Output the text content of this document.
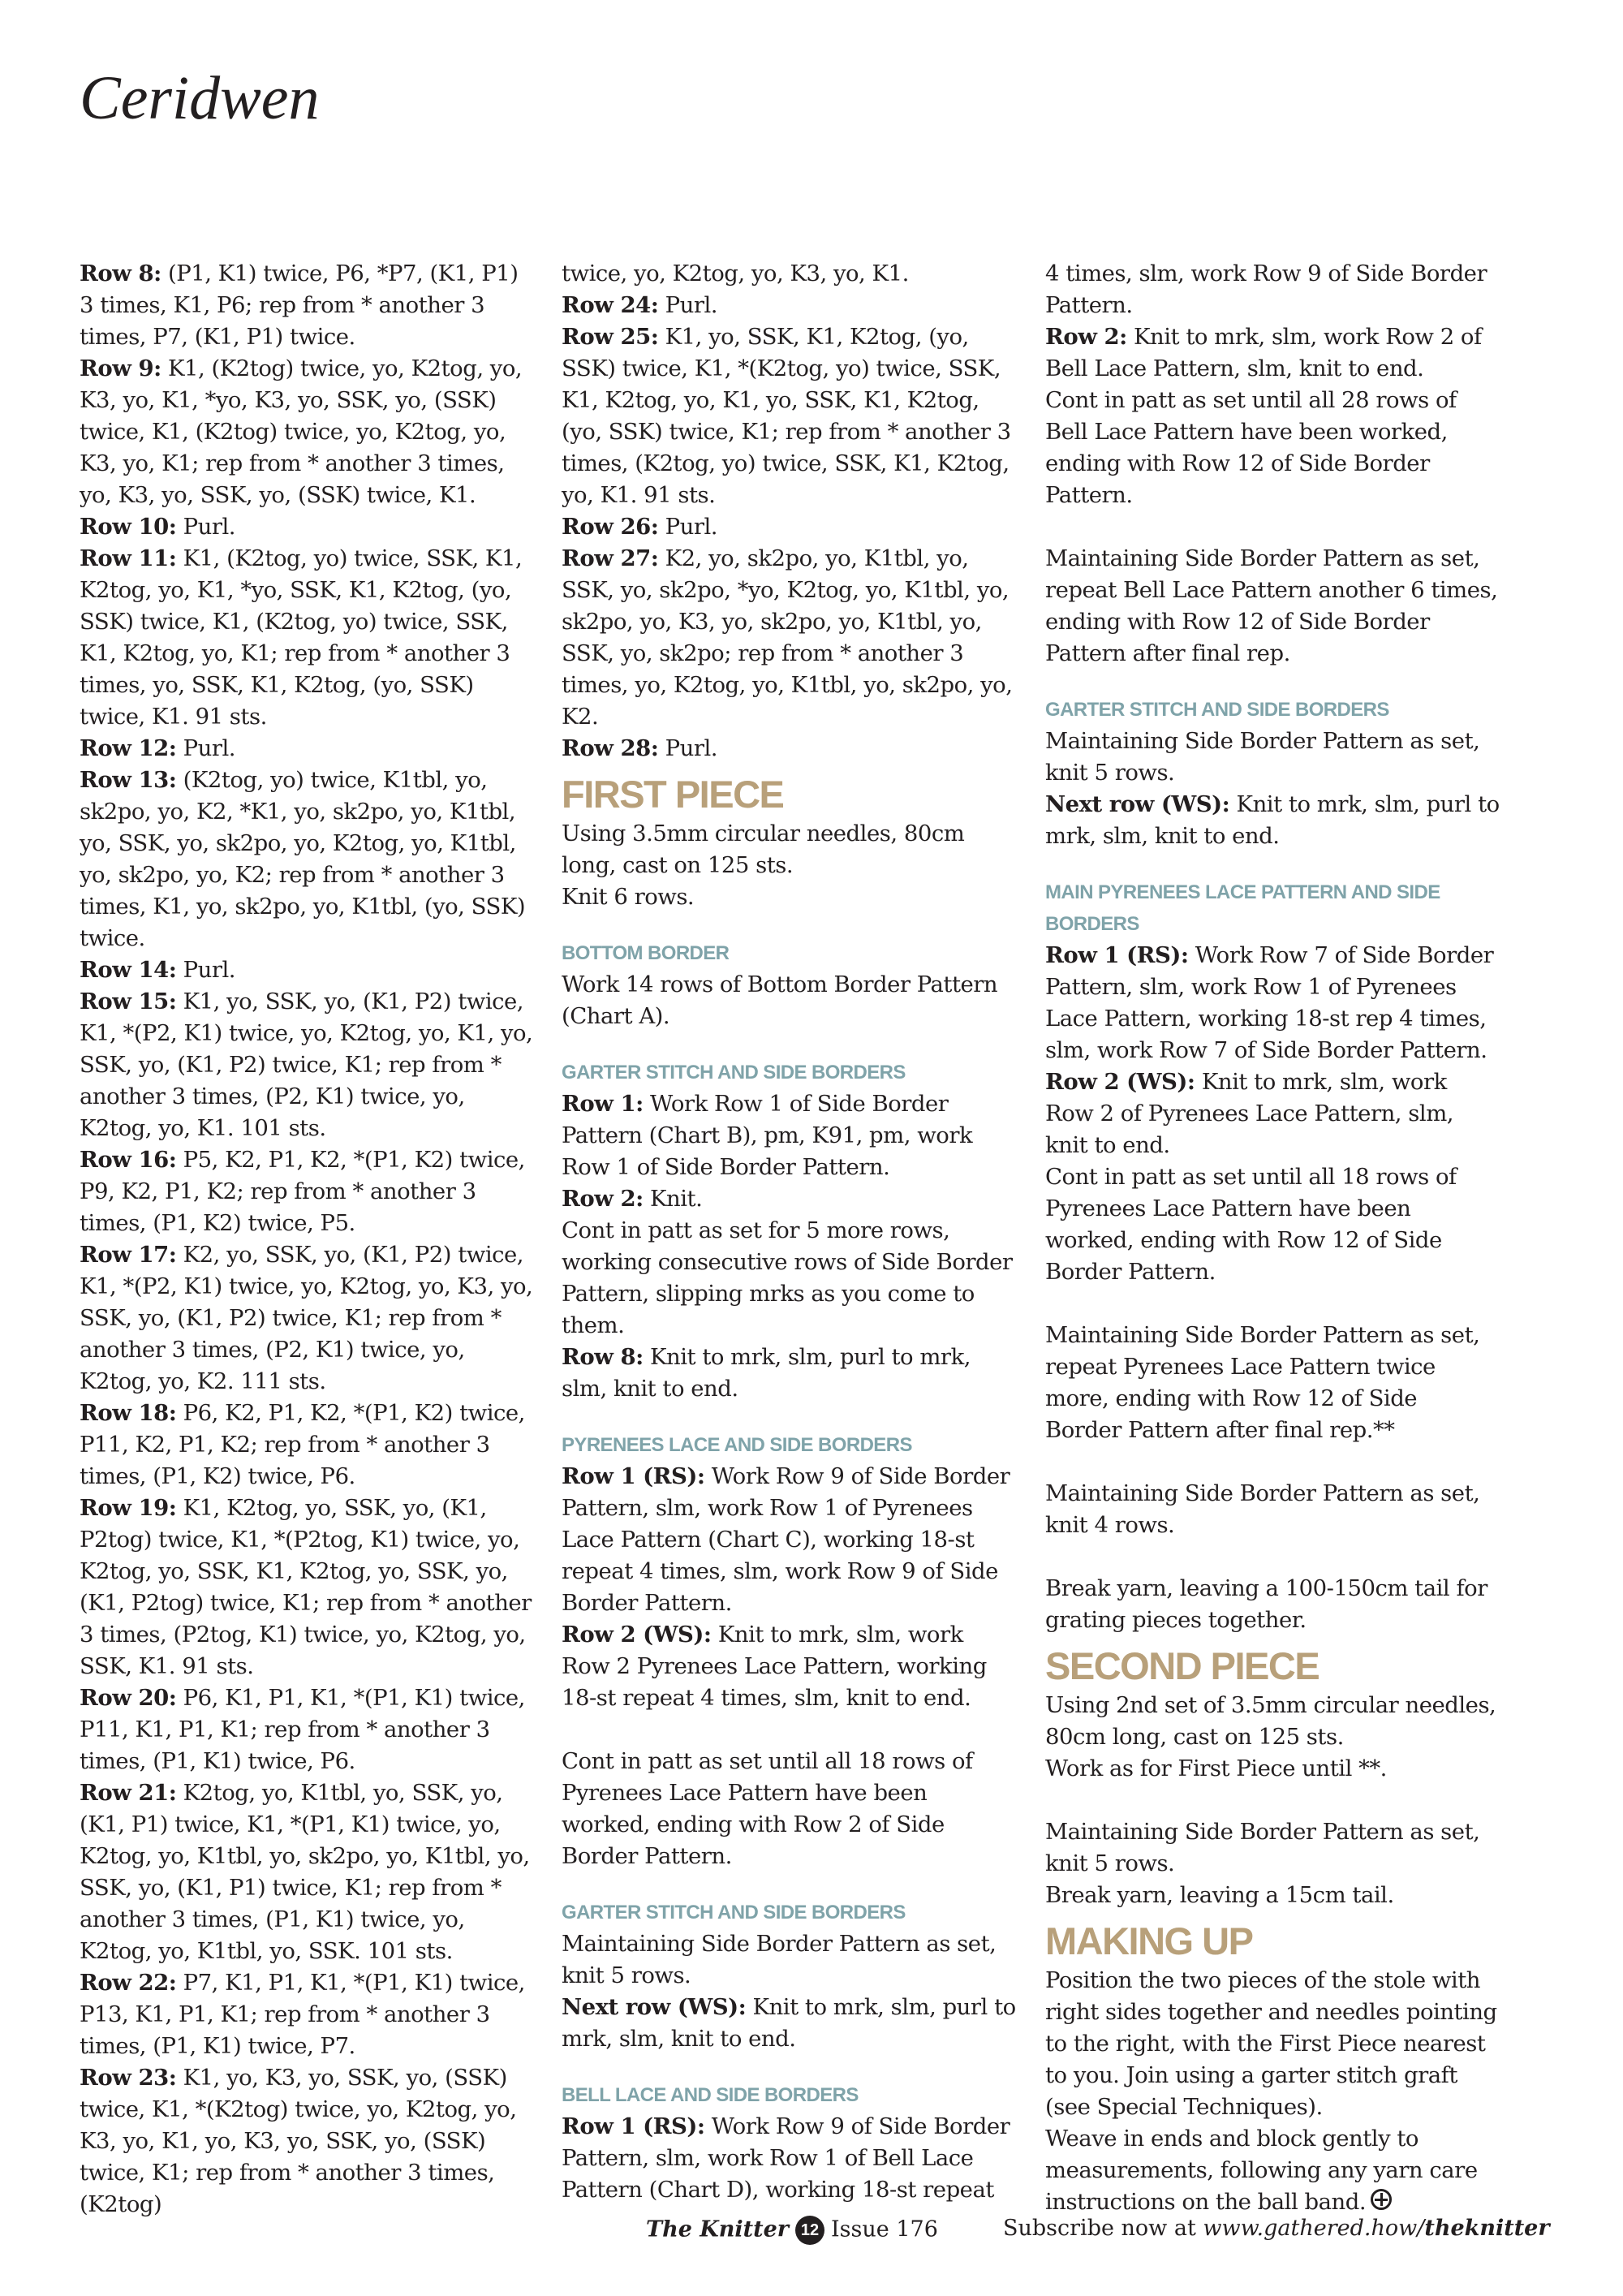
Ceridwen
Row 8: (P1, K1) twice, P6, *P7, (K1, P1) 3 times, K1, P6; rep from * another 3 times, P7, (K1, P1) twice.
Row 9: K1, (K2tog) twice, yo, K2tog, yo, K3, yo, K1, *yo, K3, yo, SSK, yo, (SSK) twice, K1, (K2tog) twice, yo, K2tog, yo, K3, yo, K1; rep from * another 3 times, yo, K3, yo, SSK, yo, (SSK) twice, K1.
Row 10: Purl.
Row 11: K1, (K2tog, yo) twice, SSK, K1, K2tog, yo, K1, *yo, SSK, K1, K2tog, (yo, SSK) twice, K1, (K2tog, yo) twice, SSK, K1, K2tog, yo, K1; rep from * another 3 times, yo, SSK, K1, K2tog, (yo, SSK) twice, K1. 91 sts.
Row 12: Purl.
Row 13: (K2tog, yo) twice, K1tbl, yo, sk2po, yo, K2, *K1, yo, sk2po, yo, K1tbl, yo, SSK, yo, sk2po, yo, K2tog, yo, K1tbl, yo, sk2po, yo, K2; rep from * another 3 times, K1, yo, sk2po, yo, K1tbl, (yo, SSK) twice.
Row 14: Purl.
Row 15: K1, yo, SSK, yo, (K1, P2) twice, K1, *(P2, K1) twice, yo, K2tog, yo, K1, yo, SSK, yo, (K1, P2) twice, K1; rep from * another 3 times, (P2, K1) twice, yo, K2tog, yo, K1. 101 sts.
Row 16: P5, K2, P1, K2, *(P1, K2) twice, P9, K2, P1, K2; rep from * another 3 times, (P1, K2) twice, P5.
Row 17: K2, yo, SSK, yo, (K1, P2) twice, K1, *(P2, K1) twice, yo, K2tog, yo, K3, yo, SSK, yo, (K1, P2) twice, K1; rep from * another 3 times, (P2, K1) twice, yo, K2tog, yo, K2. 111 sts.
Row 18: P6, K2, P1, K2, *(P1, K2) twice, P11, K2, P1, K2; rep from * another 3 times, (P1, K2) twice, P6.
Row 19: K1, K2tog, yo, SSK, yo, (K1, P2tog) twice, K1, *(P2tog, K1) twice, yo, K2tog, yo, SSK, K1, K2tog, yo, SSK, yo, (K1, P2tog) twice, K1; rep from * another 3 times, (P2tog, K1) twice, yo, K2tog, yo, SSK, K1. 91 sts.
Row 20: P6, K1, P1, K1, *(P1, K1) twice, P11, K1, P1, K1; rep from * another 3 times, (P1, K1) twice, P6.
Row 21: K2tog, yo, K1tbl, yo, SSK, yo, (K1, P1) twice, K1, *(P1, K1) twice, yo, K2tog, yo, K1tbl, yo, sk2po, yo, K1tbl, yo, SSK, yo, (K1, P1) twice, K1; rep from * another 3 times, (P1, K1) twice, yo, K2tog, yo, K1tbl, yo, SSK. 101 sts.
Row 22: P7, K1, P1, K1, *(P1, K1) twice, P13, K1, P1, K1; rep from * another 3 times, (P1, K1) twice, P7.
Row 23: K1, yo, K3, yo, SSK, yo, (SSK) twice, K1, *(K2tog) twice, yo, K2tog, yo, K3, yo, K1, yo, K3, yo, SSK, yo, (SSK) twice, K1; rep from * another 3 times, (K2tog)
twice, yo, K2tog, yo, K3, yo, K1.
Row 24: Purl.
Row 25: K1, yo, SSK, K1, K2tog, (yo, SSK) twice, K1, *(K2tog, yo) twice, SSK, K1, K2tog, yo, K1, yo, SSK, K1, K2tog, (yo, SSK) twice, K1; rep from * another 3 times, (K2tog, yo) twice, SSK, K1, K2tog, yo, K1. 91 sts.
Row 26: Purl.
Row 27: K2, yo, sk2po, yo, K1tbl, yo, SSK, yo, sk2po, *yo, K2tog, yo, K1tbl, yo, sk2po, yo, K3, yo, sk2po, yo, K1tbl, yo, SSK, yo, sk2po; rep from * another 3 times, yo, K2tog, yo, K1tbl, yo, sk2po, yo, K2.
Row 28: Purl.
FIRST PIECE
Using 3.5mm circular needles, 80cm long, cast on 125 sts.
Knit 6 rows.
BOTTOM BORDER
Work 14 rows of Bottom Border Pattern (Chart A).
GARTER STITCH AND SIDE BORDERS
Row 1: Work Row 1 of Side Border Pattern (Chart B), pm, K91, pm, work Row 1 of Side Border Pattern.
Row 2: Knit.
Cont in patt as set for 5 more rows, working consecutive rows of Side Border Pattern, slipping mrks as you come to them.
Row 8: Knit to mrk, slm, purl to mrk, slm, knit to end.
PYRENEES LACE AND SIDE BORDERS
Row 1 (RS): Work Row 9 of Side Border Pattern, slm, work Row 1 of Pyrenees Lace Pattern (Chart C), working 18-st repeat 4 times, slm, work Row 9 of Side Border Pattern.
Row 2 (WS): Knit to mrk, slm, work Row 2 Pyrenees Lace Pattern, working 18-st repeat 4 times, slm, knit to end.
Cont in patt as set until all 18 rows of Pyrenees Lace Pattern have been worked, ending with Row 2 of Side Border Pattern.
GARTER STITCH AND SIDE BORDERS
Maintaining Side Border Pattern as set, knit 5 rows.
Next row (WS): Knit to mrk, slm, purl to mrk, slm, knit to end.
BELL LACE AND SIDE BORDERS
Row 1 (RS): Work Row 9 of Side Border Pattern, slm, work Row 1 of Bell Lace Pattern (Chart D), working 18-st repeat
4 times, slm, work Row 9 of Side Border Pattern.
Row 2: Knit to mrk, slm, work Row 2 of Bell Lace Pattern, slm, knit to end.
Cont in patt as set until all 28 rows of Bell Lace Pattern have been worked, ending with Row 12 of Side Border Pattern.
Maintaining Side Border Pattern as set, repeat Bell Lace Pattern another 6 times, ending with Row 12 of Side Border Pattern after final rep.
GARTER STITCH AND SIDE BORDERS
Maintaining Side Border Pattern as set, knit 5 rows.
Next row (WS): Knit to mrk, slm, purl to mrk, slm, knit to end.
MAIN PYRENEES LACE PATTERN AND SIDE BORDERS
Row 1 (RS): Work Row 7 of Side Border Pattern, slm, work Row 1 of Pyrenees Lace Pattern, working 18-st rep 4 times, slm, work Row 7 of Side Border Pattern.
Row 2 (WS): Knit to mrk, slm, work Row 2 of Pyrenees Lace Pattern, slm, knit to end.
Cont in patt as set until all 18 rows of Pyrenees Lace Pattern have been worked, ending with Row 12 of Side Border Pattern.
Maintaining Side Border Pattern as set, repeat Pyrenees Lace Pattern twice more, ending with Row 12 of Side Border Pattern after final rep.**
Maintaining Side Border Pattern as set, knit 4 rows.
Break yarn, leaving a 100-150cm tail for grating pieces together.
SECOND PIECE
Using 2nd set of 3.5mm circular needles, 80cm long, cast on 125 sts.
Work as for First Piece until **.
Maintaining Side Border Pattern as set, knit 5 rows.
Break yarn, leaving a 15cm tail.
MAKING UP
Position the two pieces of the stole with right sides together and needles pointing to the right, with the First Piece nearest to you. Join using a garter stitch graft (see Special Techniques).
Weave in ends and block gently to measurements, following any yarn care instructions on the ball band.
The Knitter 12 Issue 176	Subscribe now at www.gathered.how/theknitter
